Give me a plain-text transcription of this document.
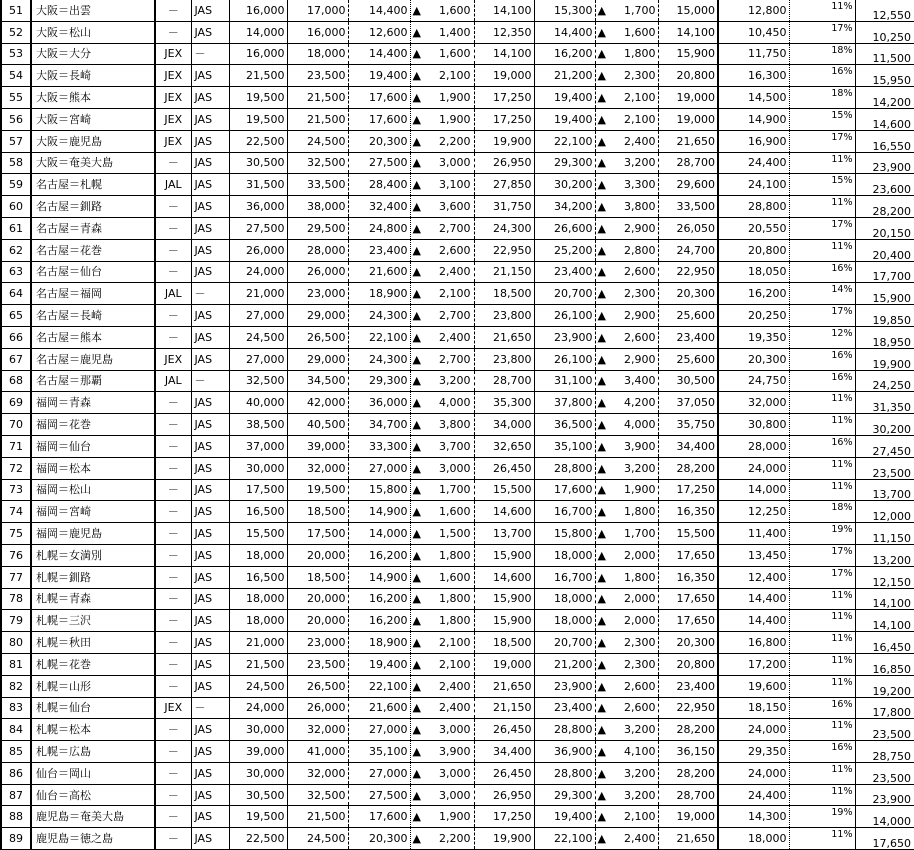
51	大阪＝出雲	－	JAS	16,000	17,000	14,400	▲ 1,600	14,100	15,300	▲ 1,700	15,000	12,800	11%	12,550
52	大阪＝松山	－	JAS	14,000	16,000	12,600	▲ 1,400	12,350	14,400	▲ 1,600	14,100	10,450	17%	10,250
53	大阪＝大分	JEX	－	16,000	18,000	14,400	▲ 1,600	14,100	16,200	▲ 1,800	15,900	11,750	18%	11,500
54	大阪＝長崎	JEX	JAS	21,500	23,500	19,400	▲ 2,100	19,000	21,200	▲ 2,300	20,800	16,300	16%	15,950
55	大阪＝熊本	JEX	JAS	19,500	21,500	17,600	▲ 1,900	17,250	19,400	▲ 2,100	19,000	14,500	18%	14,200
56	大阪＝宮崎	JEX	JAS	19,500	21,500	17,600	▲ 1,900	17,250	19,400	▲ 2,100	19,000	14,900	15%	14,600
57	大阪＝鹿児島	JEX	JAS	22,500	24,500	20,300	▲ 2,200	19,900	22,100	▲ 2,400	21,650	16,900	17%	16,550
58	大阪＝奄美大島	－	JAS	30,500	32,500	27,500	▲ 3,000	26,950	29,300	▲ 3,200	28,700	24,400	11%	23,900
59	名古屋＝札幌	JAL	JAS	31,500	33,500	28,400	▲ 3,100	27,850	30,200	▲ 3,300	29,600	24,100	15%	23,600
60	名古屋＝釧路	－	JAS	36,000	38,000	32,400	▲ 3,600	31,750	34,200	▲ 3,800	33,500	28,800	11%	28,200
61	名古屋＝青森	－	JAS	27,500	29,500	24,800	▲ 2,700	24,300	26,600	▲ 2,900	26,050	20,550	17%	20,150
62	名古屋＝花巻	－	JAS	26,000	28,000	23,400	▲ 2,600	22,950	25,200	▲ 2,800	24,700	20,800	11%	20,400
63	名古屋＝仙台	－	JAS	24,000	26,000	21,600	▲ 2,400	21,150	23,400	▲ 2,600	22,950	18,050	16%	17,700
64	名古屋＝福岡	JAL	－	21,000	23,000	18,900	▲ 2,100	18,500	20,700	▲ 2,300	20,300	16,200	14%	15,900
65	名古屋＝長崎	－	JAS	27,000	29,000	24,300	▲ 2,700	23,800	26,100	▲ 2,900	25,600	20,250	17%	19,850
66	名古屋＝熊本	－	JAS	24,500	26,500	22,100	▲ 2,400	21,650	23,900	▲ 2,600	23,400	19,350	12%	18,950
67	名古屋＝鹿児島	JEX	JAS	27,000	29,000	24,300	▲ 2,700	23,800	26,100	▲ 2,900	25,600	20,300	16%	19,900
68	名古屋＝那覇	JAL	－	32,500	34,500	29,300	▲ 3,200	28,700	31,100	▲ 3,400	30,500	24,750	16%	24,250
69	福岡＝青森	－	JAS	40,000	42,000	36,000	▲ 4,000	35,300	37,800	▲ 4,200	37,050	32,000	11%	31,350
70	福岡＝花巻	－	JAS	38,500	40,500	34,700	▲ 3,800	34,000	36,500	▲ 4,000	35,750	30,800	11%	30,200
71	福岡＝仙台	－	JAS	37,000	39,000	33,300	▲ 3,700	32,650	35,100	▲ 3,900	34,400	28,000	16%	27,450
72	福岡＝松本	－	JAS	30,000	32,000	27,000	▲ 3,000	26,450	28,800	▲ 3,200	28,200	24,000	11%	23,500
73	福岡＝松山	－	JAS	17,500	19,500	15,800	▲ 1,700	15,500	17,600	▲ 1,900	17,250	14,000	11%	13,700
74	福岡＝宮崎	－	JAS	16,500	18,500	14,900	▲ 1,600	14,600	16,700	▲ 1,800	16,350	12,250	18%	12,000
75	福岡＝鹿児島	－	JAS	15,500	17,500	14,000	▲ 1,500	13,700	15,800	▲ 1,700	15,500	11,400	19%	11,150
76	札幌＝女満別	－	JAS	18,000	20,000	16,200	▲ 1,800	15,900	18,000	▲ 2,000	17,650	13,450	17%	13,200
77	札幌＝釧路	－	JAS	16,500	18,500	14,900	▲ 1,600	14,600	16,700	▲ 1,800	16,350	12,400	17%	12,150
78	札幌＝青森	－	JAS	18,000	20,000	16,200	▲ 1,800	15,900	18,000	▲ 2,000	17,650	14,400	11%	14,100
79	札幌＝三沢	－	JAS	18,000	20,000	16,200	▲ 1,800	15,900	18,000	▲ 2,000	17,650	14,400	11%	14,100
80	札幌＝秋田	－	JAS	21,000	23,000	18,900	▲ 2,100	18,500	20,700	▲ 2,300	20,300	16,800	11%	16,450
81	札幌＝花巻	－	JAS	21,500	23,500	19,400	▲ 2,100	19,000	21,200	▲ 2,300	20,800	17,200	11%	16,850
82	札幌＝山形	－	JAS	24,500	26,500	22,100	▲ 2,400	21,650	23,900	▲ 2,600	23,400	19,600	11%	19,200
83	札幌＝仙台	JEX	－	24,000	26,000	21,600	▲ 2,400	21,150	23,400	▲ 2,600	22,950	18,150	16%	17,800
84	札幌＝松本	－	JAS	30,000	32,000	27,000	▲ 3,000	26,450	28,800	▲ 3,200	28,200	24,000	11%	23,500
85	札幌＝広島	－	JAS	39,000	41,000	35,100	▲ 3,900	34,400	36,900	▲ 4,100	36,150	29,350	16%	28,750
86	仙台＝岡山	－	JAS	30,000	32,000	27,000	▲ 3,000	26,450	28,800	▲ 3,200	28,200	24,000	11%	23,500
87	仙台＝高松	－	JAS	30,500	32,500	27,500	▲ 3,000	26,950	29,300	▲ 3,200	28,700	24,400	11%	23,900
88	鹿児島＝奄美大島	－	JAS	19,500	21,500	17,600	▲ 1,900	17,250	19,400	▲ 2,100	19,000	14,300	19%	14,000
89	鹿児島＝徳之島	－	JAS	22,500	24,500	20,300	▲ 2,200	19,900	22,100	▲ 2,400	21,650	18,000	11%	17,650
